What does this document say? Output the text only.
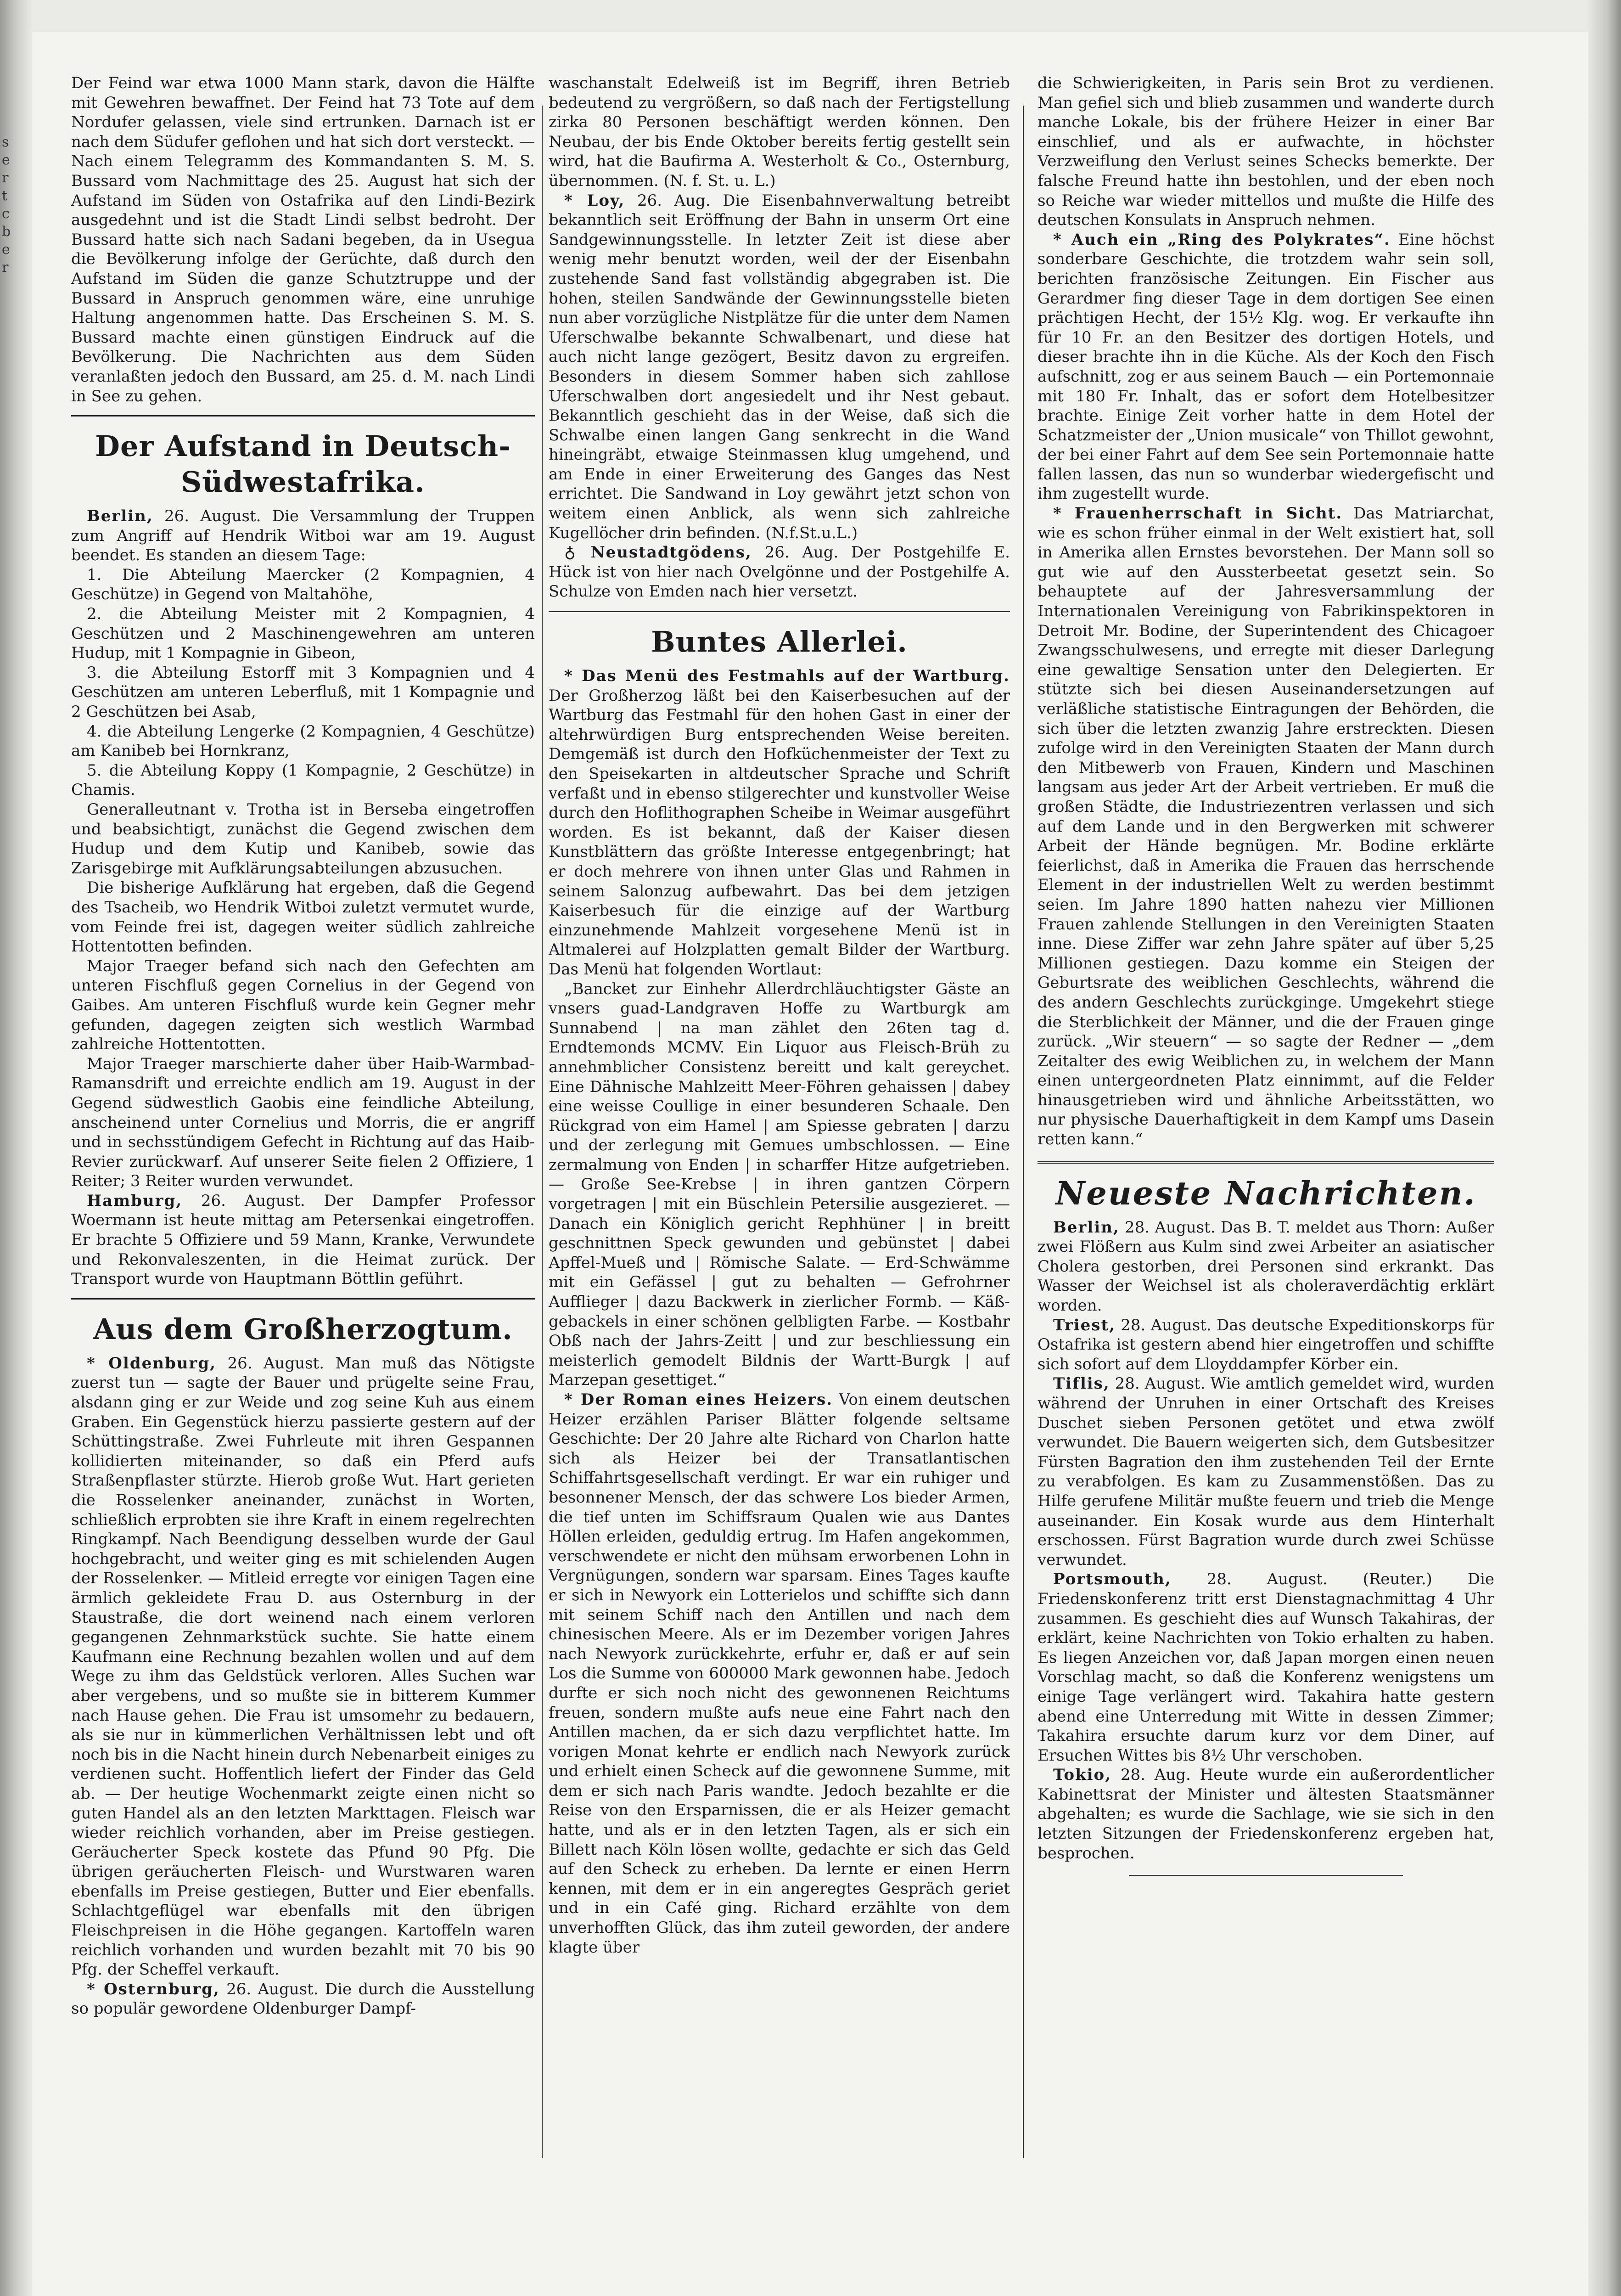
s
e
r
t
c
b
e
r

Der Feind war etwa 1000 Mann stark, davon die Hälfte mit Gewehren bewaffnet. Der Feind hat 73 Tote auf dem Nordufer gelassen, viele sind ertrunken. Darnach ist er nach dem Südufer geflohen und hat sich dort versteckt. — Nach einem Telegramm des Kommandanten S. M. S. Bussard vom Nachmittage des 25. August hat sich der Aufstand im Süden von Ostafrika auf den Lindi-Bezirk ausgedehnt und ist die Stadt Lindi selbst bedroht. Der Bussard hatte sich nach Sadani begeben, da in Usegua die Bevölkerung infolge der Gerüchte, daß durch den Aufstand im Süden die ganze Schutztruppe und der Bussard in Anspruch genommen wäre, eine unruhige Haltung angenommen hatte. Das Erscheinen S. M. S. Bussard machte einen günstigen Eindruck auf die Bevölkerung. Die Nachrichten aus dem Süden veranlaßten jedoch den Bussard, am 25. d. M. nach Lindi in See zu gehen.

Der Aufstand in Deutsch-Südwestafrika.

Berlin, 26. August. Die Versammlung der Truppen zum Angriff auf Hendrik Witboi war am 19. August beendet. Es standen an diesem Tage:

1. Die Abteilung Maercker (2 Kompagnien, 4 Geschütze) in Gegend von Maltahöhe,

2. die Abteilung Meister mit 2 Kompagnien, 4 Geschützen und 2 Maschinengewehren am unteren Hudup, mit 1 Kompagnie in Gibeon,

3. die Abteilung Estorff mit 3 Kompagnien und 4 Geschützen am unteren Leberfluß, mit 1 Kompagnie und 2 Geschützen bei Asab,

4. die Abteilung Lengerke (2 Kompagnien, 4 Geschütze) am Kanibeb bei Hornkranz,

5. die Abteilung Koppy (1 Kompagnie, 2 Geschütze) in Chamis.

Generalleutnant v. Trotha ist in Berseba eingetroffen und beabsichtigt, zunächst die Gegend zwischen dem Hudup und dem Kutip und Kanibeb, sowie das Zarisgebirge mit Aufklärungsabteilungen abzusuchen.

Die bisherige Aufklärung hat ergeben, daß die Gegend des Tsacheib, wo Hendrik Witboi zuletzt vermutet wurde, vom Feinde frei ist, dagegen weiter südlich zahlreiche Hottentotten befinden.

Major Traeger befand sich nach den Gefechten am unteren Fischfluß gegen Cornelius in der Gegend von Gaibes. Am unteren Fischfluß wurde kein Gegner mehr gefunden, dagegen zeigten sich westlich Warmbad zahlreiche Hottentotten.

Major Traeger marschierte daher über Haib-Warmbad-Ramansdrift und erreichte endlich am 19. August in der Gegend südwestlich Gaobis eine feindliche Abteilung, anscheinend unter Cornelius und Morris, die er angriff und in sechsstündigem Gefecht in Richtung auf das Haib-Revier zurückwarf. Auf unserer Seite fielen 2 Offiziere, 1 Reiter; 3 Reiter wurden verwundet.

Hamburg, 26. August. Der Dampfer Professor Woermann ist heute mittag am Petersenkai eingetroffen. Er brachte 5 Offiziere und 59 Mann, Kranke, Verwundete und Rekonvaleszenten, in die Heimat zurück. Der Transport wurde von Hauptmann Böttlin geführt.

Aus dem Großherzogtum.

* Oldenburg, 26. August. Man muß das Nötigste zuerst tun — sagte der Bauer und prügelte seine Frau, alsdann ging er zur Weide und zog seine Kuh aus einem Graben. Ein Gegenstück hierzu passierte gestern auf der Schüttingstraße. Zwei Fuhrleute mit ihren Gespannen kollidierten miteinander, so daß ein Pferd aufs Straßenpflaster stürzte. Hierob große Wut. Hart gerieten die Rosselenker aneinander, zunächst in Worten, schließlich erprobten sie ihre Kraft in einem regelrechten Ringkampf. Nach Beendigung desselben wurde der Gaul hochgebracht, und weiter ging es mit schielenden Augen der Rosselenker. — Mitleid erregte vor einigen Tagen eine ärmlich gekleidete Frau D. aus Osternburg in der Staustraße, die dort weinend nach einem verloren gegangenen Zehnmarkstück suchte. Sie hatte einem Kaufmann eine Rechnung bezahlen wollen und auf dem Wege zu ihm das Geldstück verloren. Alles Suchen war aber vergebens, und so mußte sie in bitterem Kummer nach Hause gehen. Die Frau ist umsomehr zu bedauern, als sie nur in kümmerlichen Verhältnissen lebt und oft noch bis in die Nacht hinein durch Nebenarbeit einiges zu verdienen sucht. Hoffentlich liefert der Finder das Geld ab. — Der heutige Wochenmarkt zeigte einen nicht so guten Handel als an den letzten Markttagen. Fleisch war wieder reichlich vorhanden, aber im Preise gestiegen. Geräucherter Speck kostete das Pfund 90 Pfg. Die übrigen geräucherten Fleisch- und Wurstwaren waren ebenfalls im Preise gestiegen, Butter und Eier ebenfalls. Schlachtgeflügel war ebenfalls mit den übrigen Fleischpreisen in die Höhe gegangen. Kartoffeln waren reichlich vorhanden und wurden bezahlt mit 70 bis 90 Pfg. der Scheffel verkauft.

* Osternburg, 26. August. Die durch die Ausstellung so populär gewordene Oldenburger Dampf-

waschanstalt Edelweiß ist im Begriff, ihren Betrieb bedeutend zu vergrößern, so daß nach der Fertigstellung zirka 80 Personen beschäftigt werden können. Den Neubau, der bis Ende Oktober bereits fertig gestellt sein wird, hat die Baufirma A. Westerholt & Co., Osternburg, übernommen. (N. f. St. u. L.)

* Loy, 26. Aug. Die Eisenbahnverwaltung betreibt bekanntlich seit Eröffnung der Bahn in unserm Ort eine Sandgewinnungsstelle. In letzter Zeit ist diese aber wenig mehr benutzt worden, weil der der Eisenbahn zustehende Sand fast vollständig abgegraben ist. Die hohen, steilen Sandwände der Gewinnungsstelle bieten nun aber vorzügliche Nistplätze für die unter dem Namen Uferschwalbe bekannte Schwalbenart, und diese hat auch nicht lange gezögert, Besitz davon zu ergreifen. Besonders in diesem Sommer haben sich zahllose Uferschwalben dort angesiedelt und ihr Nest gebaut. Bekanntlich geschieht das in der Weise, daß sich die Schwalbe einen langen Gang senkrecht in die Wand hineingräbt, etwaige Steinmassen klug umgehend, und am Ende in einer Erweiterung des Ganges das Nest errichtet. Die Sandwand in Loy gewährt jetzt schon von weitem einen Anblick, als wenn sich zahlreiche Kugellöcher drin befinden. (N.f.St.u.L.)

♁ Neustadtgödens, 26. Aug. Der Postgehilfe E. Hück ist von hier nach Ovelgönne und der Postgehilfe A. Schulze von Emden nach hier versetzt.

Buntes Allerlei.

* Das Menü des Festmahls auf der Wartburg. Der Großherzog läßt bei den Kaiserbesuchen auf der Wartburg das Festmahl für den hohen Gast in einer der altehrwürdigen Burg entsprechenden Weise bereiten. Demgemäß ist durch den Hofküchenmeister der Text zu den Speisekarten in altdeutscher Sprache und Schrift verfaßt und in ebenso stilgerechter und kunstvoller Weise durch den Hoflithographen Scheibe in Weimar ausgeführt worden. Es ist bekannt, daß der Kaiser diesen Kunstblättern das größte Interesse entgegenbringt; hat er doch mehrere von ihnen unter Glas und Rahmen in seinem Salonzug aufbewahrt. Das bei dem jetzigen Kaiserbesuch für die einzige auf der Wartburg einzunehmende Mahlzeit vorgesehene Menü ist in Altmalerei auf Holzplatten gemalt Bilder der Wartburg. Das Menü hat folgenden Wortlaut:

„Bancket zur Einhehr Allerdrchläuchtigster Gäste an vnsers guad-Landgraven Hoffe zu Wartburgk am Sunnabend | na man zählet den 26ten tag d. Erndtemonds MCMV. Ein Liquor aus Fleisch-Brüh zu annehmblicher Consistenz bereitt und kalt gereychet. Eine Dähnische Mahlzeitt Meer-Föhren gehaissen | dabey eine weisse Coullige in einer besunderen Schaale. Den Rückgrad von eim Hamel | am Spiesse gebraten | darzu und der zerlegung mit Gemues umbschlossen. — Eine zermalmung von Enden | in scharffer Hitze aufgetrieben. — Große See-Krebse | in ihren gantzen Cörpern vorgetragen | mit ein Büschlein Petersilie ausgezieret. — Danach ein Königlich gericht Rephhüner | in breitt geschnittnen Speck gewunden und gebünstet | dabei Apffel-Mueß und | Römische Salate. — Erd-Schwämme mit ein Gefässel | gut zu behalten — Gefrohrner Aufflieger | dazu Backwerk in zierlicher Formb. — Käß-gebackels in einer schönen gelbligten Farbe. — Kostbahr Obß nach der Jahrs-Zeitt | und zur beschliessung ein meisterlich gemodelt Bildnis der Wartt-Burgk | auf Marzepan gesettiget.“

* Der Roman eines Heizers. Von einem deutschen Heizer erzählen Pariser Blätter folgende seltsame Geschichte: Der 20 Jahre alte Richard von Charlon hatte sich als Heizer bei der Transatlantischen Schiffahrtsgesellschaft verdingt. Er war ein ruhiger und besonnener Mensch, der das schwere Los bieder Armen, die tief unten im Schiffsraum Qualen wie aus Dantes Höllen erleiden, geduldig ertrug. Im Hafen angekommen, verschwendete er nicht den mühsam erworbenen Lohn in Vergnügungen, sondern war sparsam. Eines Tages kaufte er sich in Newyork ein Lotterielos und schiffte sich dann mit seinem Schiff nach den Antillen und nach dem chinesischen Meere. Als er im Dezember vorigen Jahres nach Newyork zurückkehrte, erfuhr er, daß er auf sein Los die Summe von 600000 Mark gewonnen habe. Jedoch durfte er sich noch nicht des gewonnenen Reichtums freuen, sondern mußte aufs neue eine Fahrt nach den Antillen machen, da er sich dazu verpflichtet hatte. Im vorigen Monat kehrte er endlich nach Newyork zurück und erhielt einen Scheck auf die gewonnene Summe, mit dem er sich nach Paris wandte. Jedoch bezahlte er die Reise von den Ersparnissen, die er als Heizer gemacht hatte, und als er in den letzten Tagen, als er sich ein Billett nach Köln lösen wollte, gedachte er sich das Geld auf den Scheck zu erheben. Da lernte er einen Herrn kennen, mit dem er in ein angeregtes Gespräch geriet und in ein Café ging. Richard erzählte von dem unverhofften Glück, das ihm zuteil geworden, der andere klagte über

die Schwierigkeiten, in Paris sein Brot zu verdienen. Man gefiel sich und blieb zusammen und wanderte durch manche Lokale, bis der frühere Heizer in einer Bar einschlief, und als er aufwachte, in höchster Verzweiflung den Verlust seines Schecks bemerkte. Der falsche Freund hatte ihn bestohlen, und der eben noch so Reiche war wieder mittellos und mußte die Hilfe des deutschen Konsulats in Anspruch nehmen.

* Auch ein „Ring des Polykrates“. Eine höchst sonderbare Geschichte, die trotzdem wahr sein soll, berichten französische Zeitungen. Ein Fischer aus Gerardmer fing dieser Tage in dem dortigen See einen prächtigen Hecht, der 15½ Klg. wog. Er verkaufte ihn für 10 Fr. an den Besitzer des dortigen Hotels, und dieser brachte ihn in die Küche. Als der Koch den Fisch aufschnitt, zog er aus seinem Bauch — ein Portemonnaie mit 180 Fr. Inhalt, das er sofort dem Hotelbesitzer brachte. Einige Zeit vorher hatte in dem Hotel der Schatzmeister der „Union musicale“ von Thillot gewohnt, der bei einer Fahrt auf dem See sein Portemonnaie hatte fallen lassen, das nun so wunderbar wiedergefischt und ihm zugestellt wurde.

* Frauenherrschaft in Sicht. Das Matriarchat, wie es schon früher einmal in der Welt existiert hat, soll in Amerika allen Ernstes bevorstehen. Der Mann soll so gut wie auf den Aussterbeetat gesetzt sein. So behauptete auf der Jahresversammlung der Internationalen Vereinigung von Fabrikinspektoren in Detroit Mr. Bodine, der Superintendent des Chicagoer Zwangsschulwesens, und erregte mit dieser Darlegung eine gewaltige Sensation unter den Delegierten. Er stützte sich bei diesen Auseinandersetzungen auf verläßliche statistische Eintragungen der Behörden, die sich über die letzten zwanzig Jahre erstreckten. Diesen zufolge wird in den Vereinigten Staaten der Mann durch den Mitbewerb von Frauen, Kindern und Maschinen langsam aus jeder Art der Arbeit vertrieben. Er muß die großen Städte, die Industriezentren verlassen und sich auf dem Lande und in den Bergwerken mit schwerer Arbeit der Hände begnügen. Mr. Bodine erklärte feierlichst, daß in Amerika die Frauen das herrschende Element in der industriellen Welt zu werden bestimmt seien. Im Jahre 1890 hatten nahezu vier Millionen Frauen zahlende Stellungen in den Vereinigten Staaten inne. Diese Ziffer war zehn Jahre später auf über 5,25 Millionen gestiegen. Dazu komme ein Steigen der Geburtsrate des weiblichen Geschlechts, während die des andern Geschlechts zurückginge. Umgekehrt stiege die Sterblichkeit der Männer, und die der Frauen ginge zurück. „Wir steuern“ — so sagte der Redner — „dem Zeitalter des ewig Weiblichen zu, in welchem der Mann einen untergeordneten Platz einnimmt, auf die Felder hinausgetrieben wird und ähnliche Arbeitsstätten, wo nur physische Dauerhaftigkeit in dem Kampf ums Dasein retten kann.“

Neueste Nachrichten.

Berlin, 28. August. Das B. T. meldet aus Thorn: Außer zwei Flößern aus Kulm sind zwei Arbeiter an asiatischer Cholera gestorben, drei Personen sind erkrankt. Das Wasser der Weichsel ist als choleraverdächtig erklärt worden.

Triest, 28. August. Das deutsche Expeditionskorps für Ostafrika ist gestern abend hier eingetroffen und schiffte sich sofort auf dem Lloyddampfer Körber ein.

Tiflis, 28. August. Wie amtlich gemeldet wird, wurden während der Unruhen in einer Ortschaft des Kreises Duschet sieben Personen getötet und etwa zwölf verwundet. Die Bauern weigerten sich, dem Gutsbesitzer Fürsten Bagration den ihm zustehenden Teil der Ernte zu verabfolgen. Es kam zu Zusammenstößen. Das zu Hilfe gerufene Militär mußte feuern und trieb die Menge auseinander. Ein Kosak wurde aus dem Hinterhalt erschossen. Fürst Bagration wurde durch zwei Schüsse verwundet.

Portsmouth, 28. August. (Reuter.) Die Friedenskonferenz tritt erst Dienstagnachmittag 4 Uhr zusammen. Es geschieht dies auf Wunsch Takahiras, der erklärt, keine Nachrichten von Tokio erhalten zu haben. Es liegen Anzeichen vor, daß Japan morgen einen neuen Vorschlag macht, so daß die Konferenz wenigstens um einige Tage verlängert wird. Takahira hatte gestern abend eine Unterredung mit Witte in dessen Zimmer; Takahira ersuchte darum kurz vor dem Diner, auf Ersuchen Wittes bis 8½ Uhr verschoben.

Tokio, 28. Aug. Heute wurde ein außerordentlicher Kabinettsrat der Minister und ältesten Staatsmänner abgehalten; es wurde die Sachlage, wie sie sich in den letzten Sitzungen der Friedenskonferenz ergeben hat, besprochen.
